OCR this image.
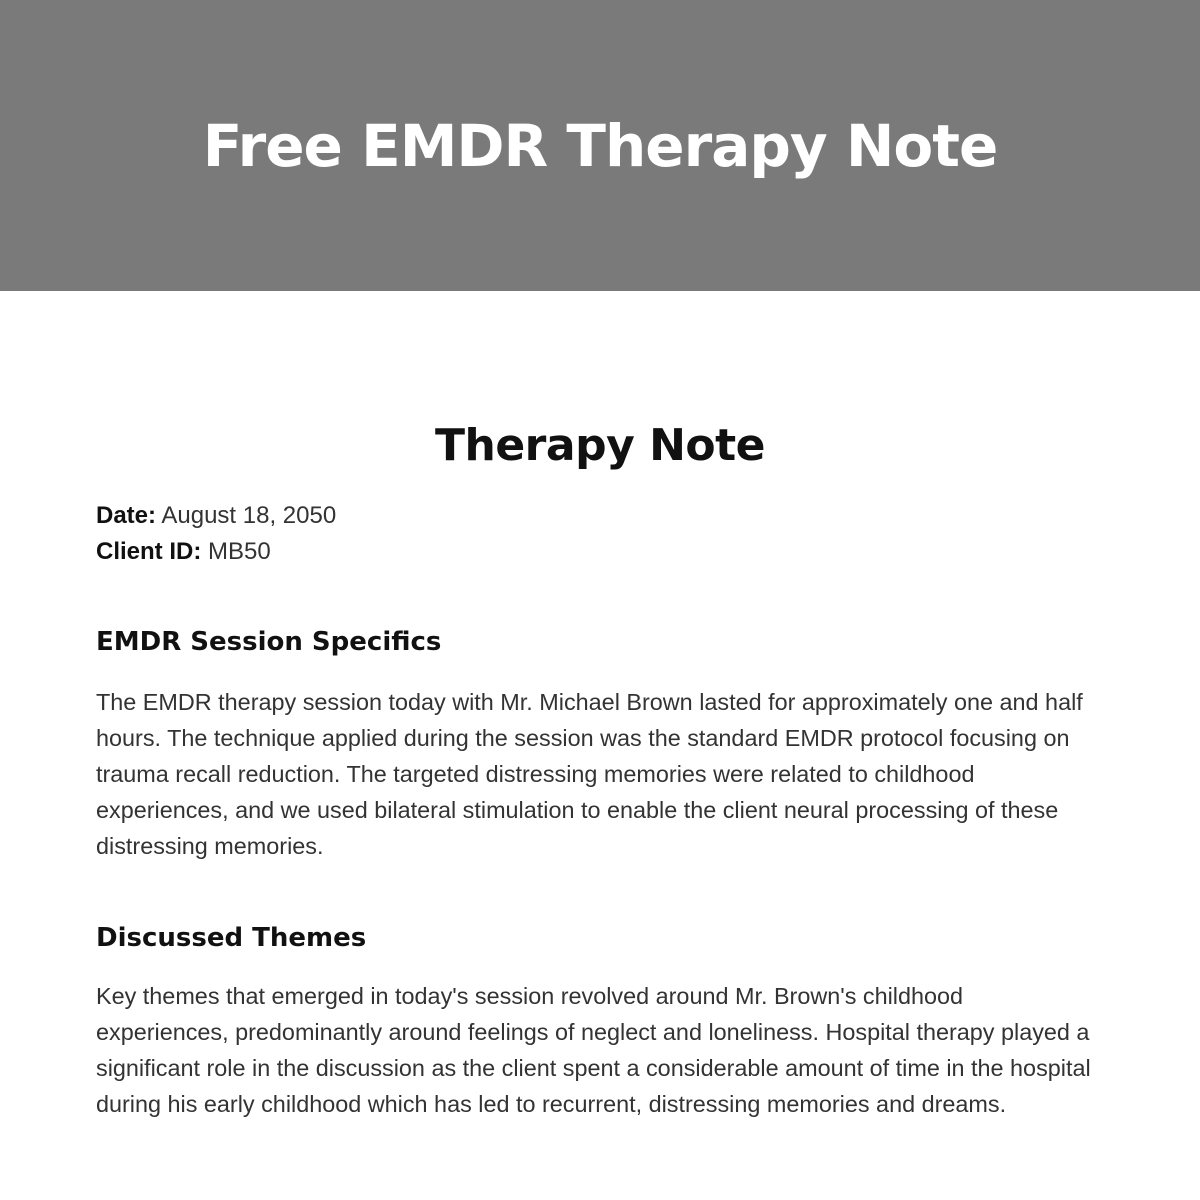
Free EMDR Therapy Note
Therapy Note
Date: August 18, 2050
Client ID: MB50
EMDR Session Specifics

The EMDR therapy session today with Mr. Michael Brown lasted for approximately one and half hours. The technique applied during the session was the standard EMDR protocol focusing on trauma recall reduction. The targeted distressing memories were related to childhood experiences, and we used bilateral stimulation to enable the client neural processing of these distressing memories.

Discussed Themes

Key themes that emerged in today's session revolved around Mr. Brown's childhood experiences, predominantly around feelings of neglect and loneliness. Hospital therapy played a significant role in the discussion as the client spent a considerable amount of time in the hospital during his early childhood which has led to recurrent, distressing memories and dreams.
